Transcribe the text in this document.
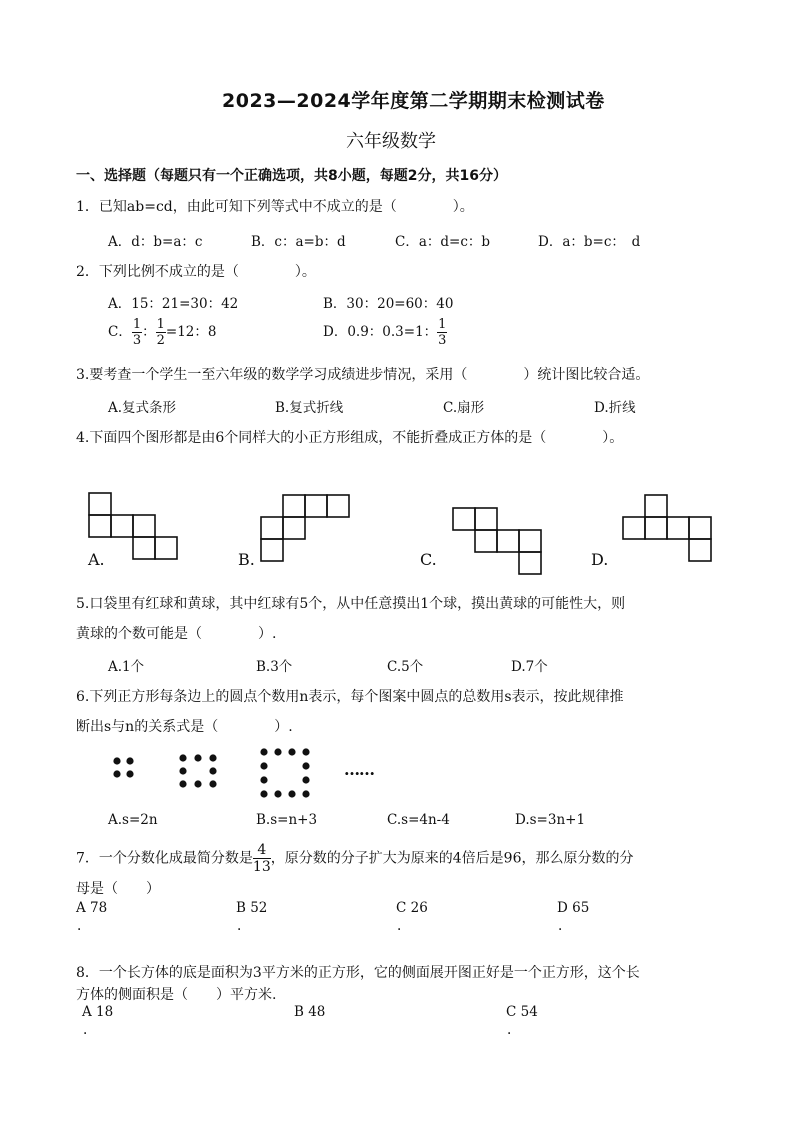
2023—2024学年度第二学期期末检测试卷
六年级数学
一、选择题（每题只有一个正确选项，共8小题，每题2分，共16分）
1．已知ab=cd，由此可知下列等式中不成立的是（　　　　）。
A．d：b=a：c	B．c：a=b：d	C．a：d=c：b	D．a：b=c：　d
2．下列比例不成立的是（　　　　）。
A．15：21=30：42	B．30：20=60：40
C． $\frac{1}{3}$ ： $\frac{1}{2} =12$：8	D．0.9：0.3=1： $\frac{1}{3}$
3.要考查一个学生一至六年级的数学学习成绩进步情况，采用（　　　　）统计图比较合适。
A.复式条形	B.复式折线	C.扇形	D.折线
4.下面四个图形都是由6个同样大的小正方形组成，不能折叠成正方体的是（　　　　）。
A.	B.	C.	D.
5.口袋里有红球和黄球，其中红球有5个，从中任意摸出1个球，摸出黄球的可能性大，则
黄球的个数可能是（　　　　）.
A.1个	B.3个	C.5个	D.7个
6.下列正方形每条边上的圆点个数用n表示，每个图案中圆点的总数用s表示，按此规律推
断出s与n的关系式是（　　　　）.
……
A.s=2n	B.s=n+3	C.s=4n-4	D.s=3n+1
7．一个分数化成最简分数是 $\frac{4}{13}$ ，原分数的分子扩大为原来的4倍后是96，那么原分数的分
母是（　　）
A 78	B 52	C 26	D 65
.	.	.	.
8．一个长方体的底是面积为3平方米的正方形，它的侧面展开图正好是一个正方形，这个长
方体的侧面积是（　　）平方米.
A 18	B 48	C 54
.	.
